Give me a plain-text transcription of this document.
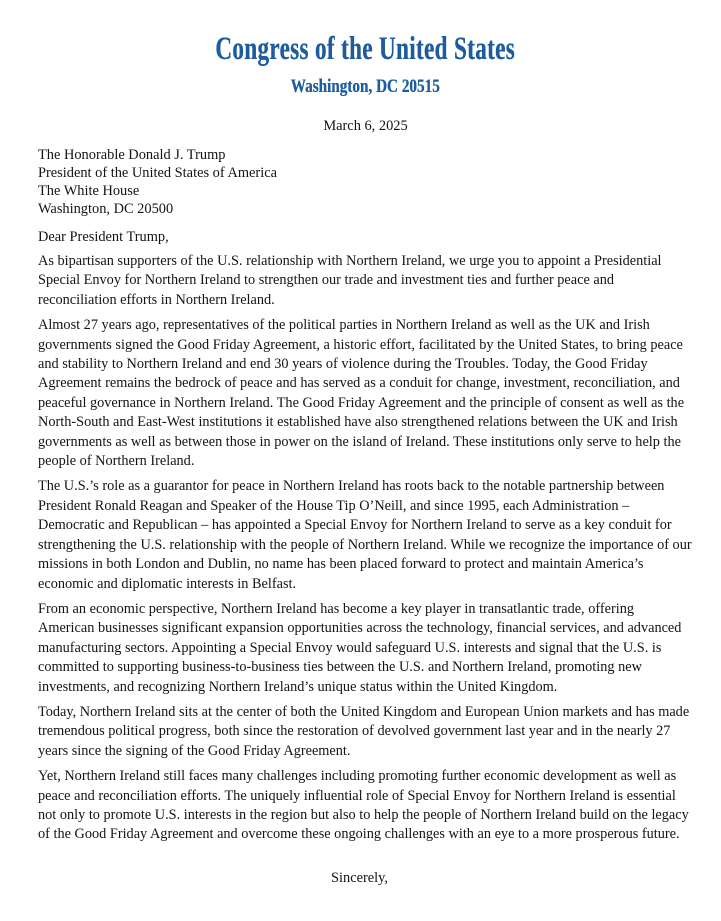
Congress of the United States
Washington, DC 20515
March 6, 2025
The Honorable Donald J. Trump
President of the United States of America
The White House
Washington, DC 20500
Dear President Trump,

As bipartisan supporters of the U.S. relationship with Northern Ireland, we urge you to appoint a Presidential Special Envoy for Northern Ireland to strengthen our trade and investment ties and further peace and reconciliation efforts in Northern Ireland.

Almost 27 years ago, representatives of the political parties in Northern Ireland as well as the UK and Irish governments signed the Good Friday Agreement, a historic effort, facilitated by the United States, to bring peace and stability to Northern Ireland and end 30 years of violence during the Troubles. Today, the Good Friday Agreement remains the bedrock of peace and has served as a conduit for change, investment, reconciliation, and peaceful governance in Northern Ireland. The Good Friday Agreement and the principle of consent as well as the North-South and East-West institutions it established have also strengthened relations between the UK and Irish governments as well as between those in power on the island of Ireland. These institutions only serve to help the people of Northern Ireland.

The U.S.’s role as a guarantor for peace in Northern Ireland has roots back to the notable partnership between President Ronald Reagan and Speaker of the House Tip O’Neill, and since 1995, each Administration – Democratic and Republican – has appointed a Special Envoy for Northern Ireland to serve as a key conduit for strengthening the U.S. relationship with the people of Northern Ireland. While we recognize the importance of our missions in both London and Dublin, no name has been placed forward to protect and maintain America’s economic and diplomatic interests in Belfast.

From an economic perspective, Northern Ireland has become a key player in transatlantic trade, offering American businesses significant expansion opportunities across the technology, financial services, and advanced manufacturing sectors. Appointing a Special Envoy would safeguard U.S. interests and signal that the U.S. is committed to supporting business-to-business ties between the U.S. and Northern Ireland, promoting new investments, and recognizing Northern Ireland’s unique status within the United Kingdom.

Today, Northern Ireland sits at the center of both the United Kingdom and European Union markets and has made tremendous political progress, both since the restoration of devolved government last year and in the nearly 27 years since the signing of the Good Friday Agreement.

Yet, Northern Ireland still faces many challenges including promoting further economic development as well as peace and reconciliation efforts. The uniquely influential role of Special Envoy for Northern Ireland is essential not only to promote U.S. interests in the region but also to help the people of Northern Ireland build on the legacy of the Good Friday Agreement and overcome these ongoing challenges with an eye to a more prosperous future.

Sincerely,
